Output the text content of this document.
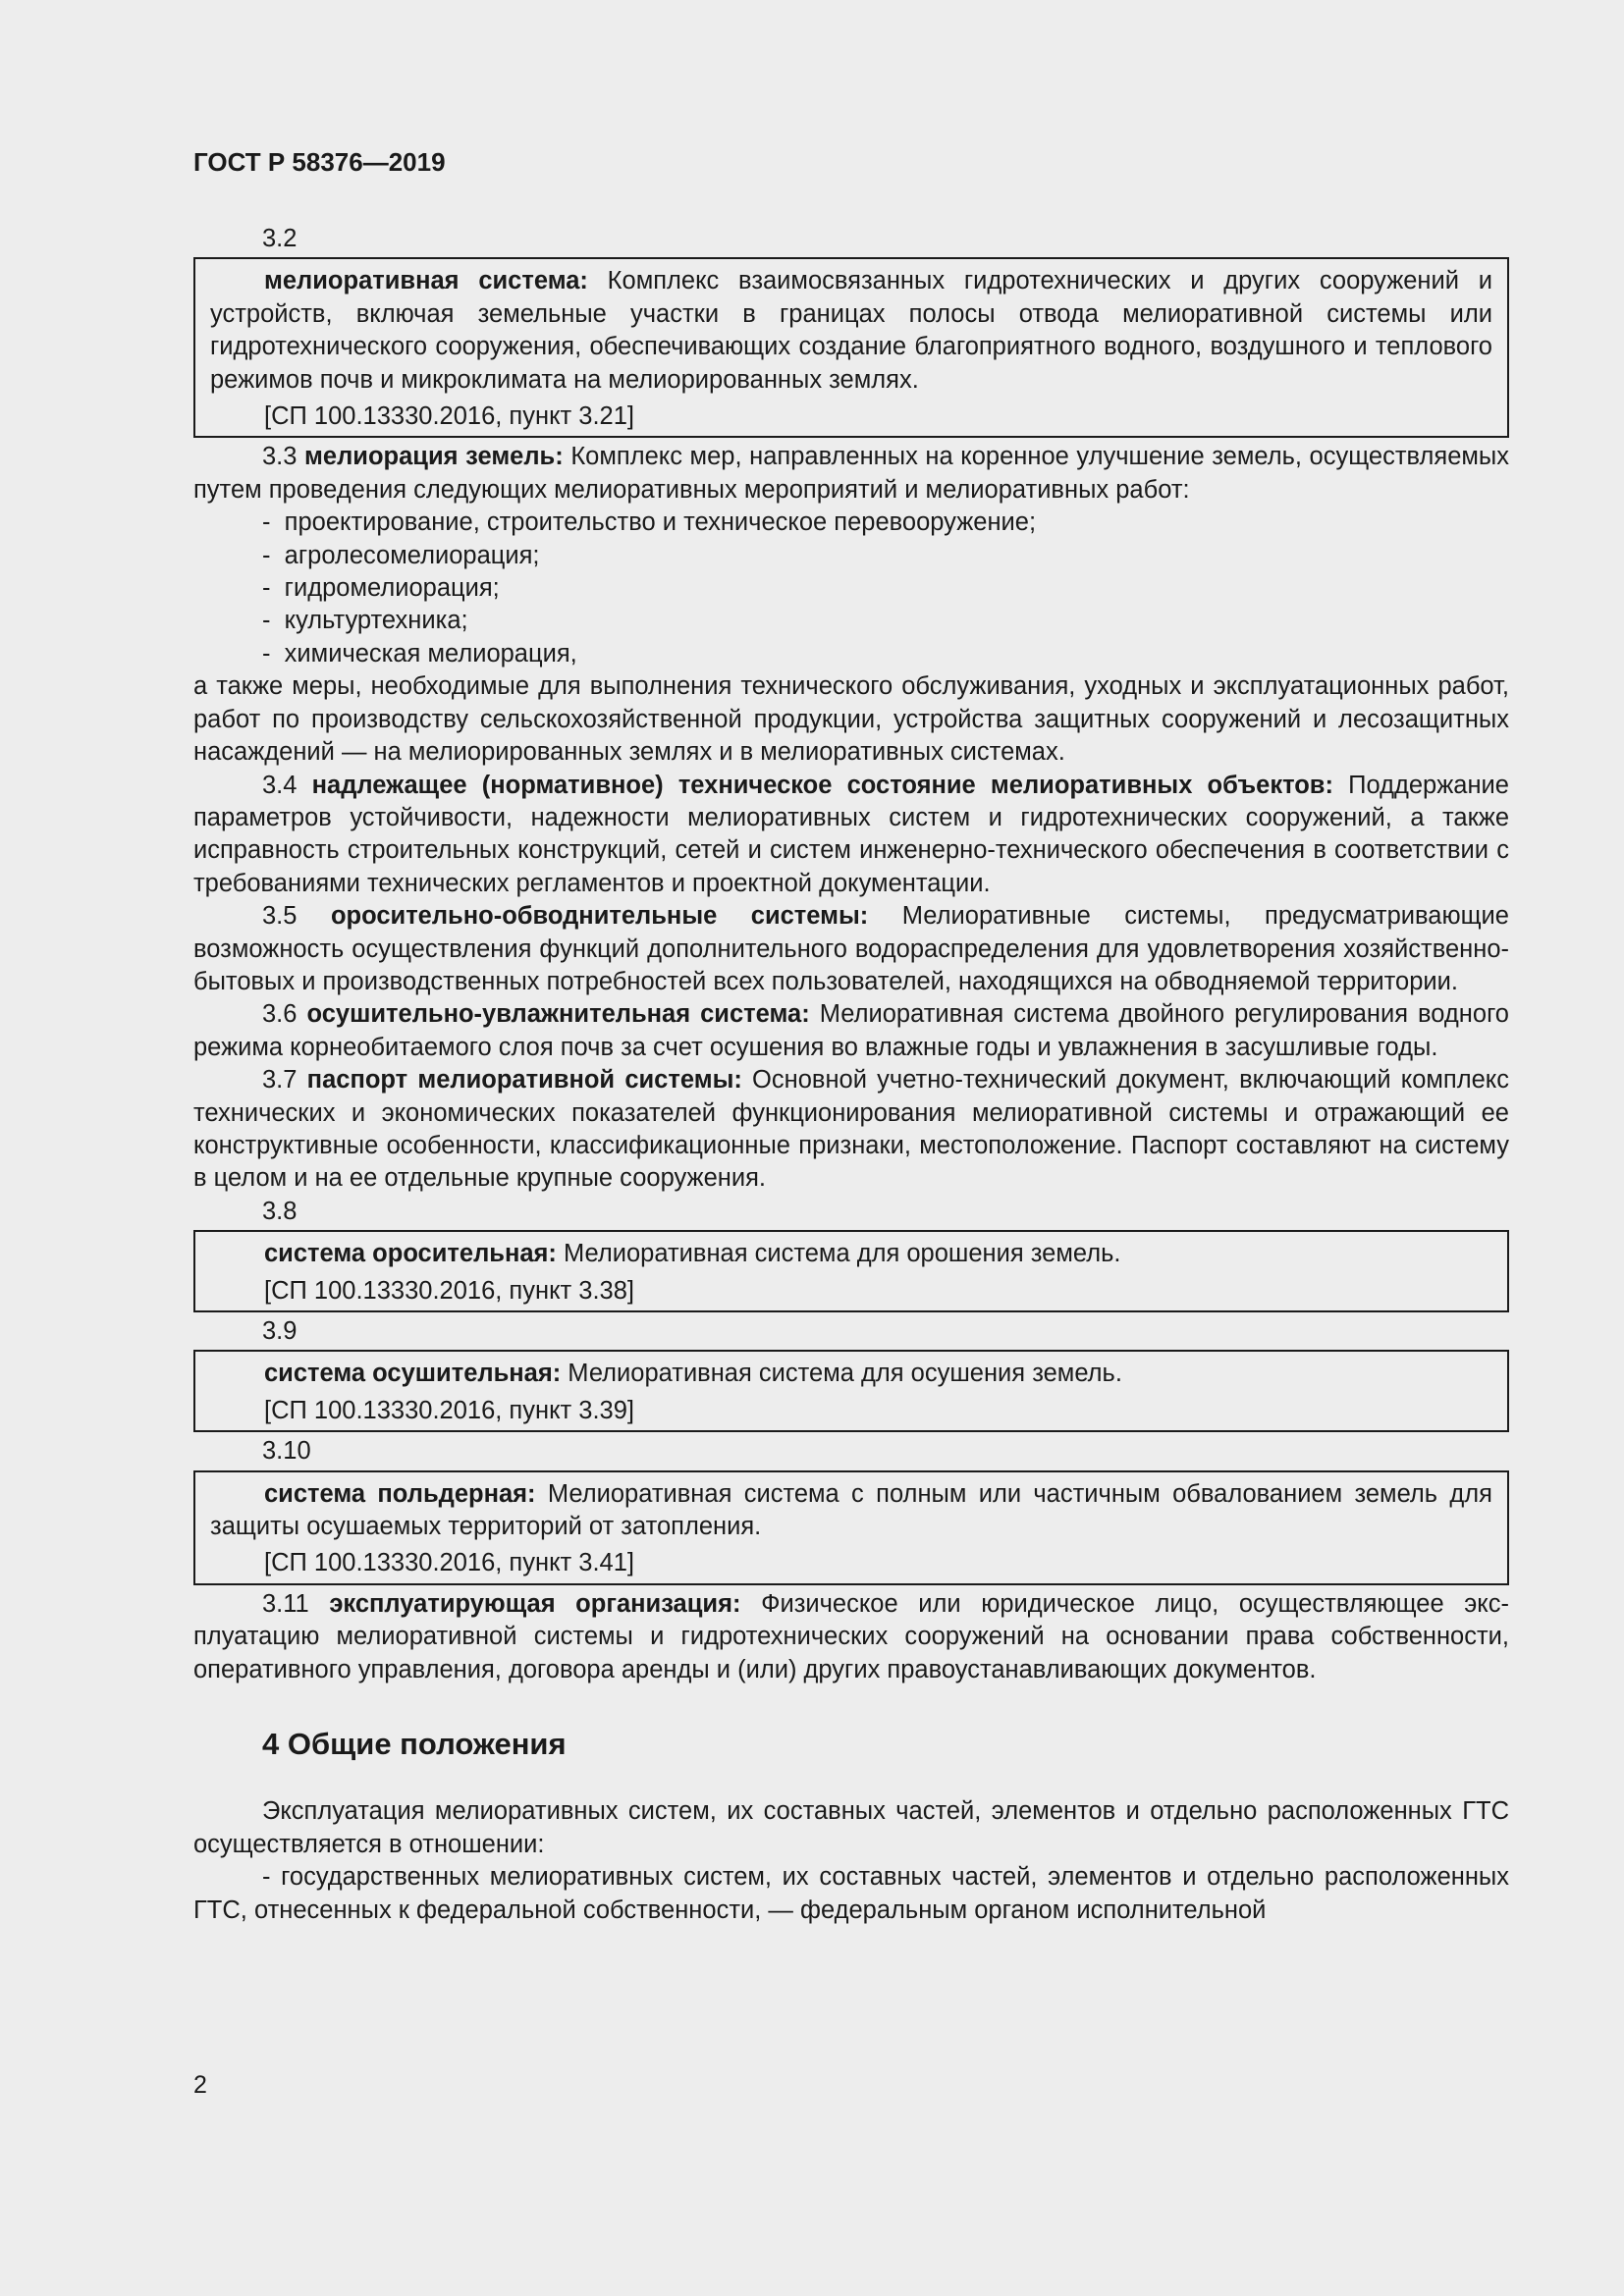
ГОСТ Р 58376—2019

3.2

мелиоративная система: Комплекс взаимосвязанных гидротехнических и других сооружений и устройств, включая земельные участки в границах полосы отвода мелиоративной системы или гидротехнического сооружения, обеспечивающих создание благоприятного водного, воздушного и теплового режимов почв и микроклимата на мелиорированных землях.

[СП 100.13330.2016, пункт 3.21]

3.3 мелиорация земель: Комплекс мер, направленных на коренное улучшение земель, осуществляемых путем проведения следующих мелиоративных мероприятий и мелиоративных работ:

-  проектирование, строительство и техническое перевооружение;
-  агролесомелиорация;
-  гидромелиорация;
-  культуртехника;
-  химическая мелиорация,

а также меры, необходимые для выполнения технического обслуживания, уходных и эксплуатационных работ, работ по производству сельскохозяйственной продукции, устройства защитных сооружений и лесозащитных насаждений — на мелиорированных землях и в мелиоративных системах.

3.4 надлежащее (нормативное) техническое состояние мелиоративных объектов: Поддержание параметров устойчивости, надежности мелиоративных систем и гидротехнических сооружений, а также исправность строительных конструкций, сетей и систем инженерно-технического обеспечения в соответствии с требованиями технических регламентов и проектной документации.

3.5 оросительно-обводнительные системы: Мелиоративные системы, предусматривающие возможность осуществления функций дополнительного водораспределения для удовлетворения хозяйственно-бытовых и производственных потребностей всех пользователей, находящихся на обводняемой территории.

3.6 осушительно-увлажнительная система: Мелиоративная система двойного регулирования водного режима корнеобитаемого слоя почв за счет осушения во влажные годы и увлажнения в засушливые годы.

3.7 паспорт мелиоративной системы: Основной учетно-технический документ, включающий комплекс технических и экономических показателей функционирования мелиоративной системы и отражающий ее конструктивные особенности, классификационные признаки, местоположение. Паспорт составляют на систему в целом и на ее отдельные крупные сооружения.

3.8

система оросительная: Мелиоративная система для орошения земель.

[СП 100.13330.2016, пункт 3.38]

3.9

система осушительная: Мелиоративная система для осушения земель.

[СП 100.13330.2016, пункт 3.39]

3.10

система польдерная: Мелиоративная система с полным или частичным обвалованием земель для защиты осушаемых территорий от затопления.

[СП 100.13330.2016, пункт 3.41]

3.11 эксплуатирующая организация: Физическое или юридическое лицо, осуществляющее эксплуатацию мелиоративной системы и гидротехнических сооружений на основании права собственности, оперативного управления, договора аренды и (или) других правоустанавливающих документов.

4 Общие положения

Эксплуатация мелиоративных систем, их составных частей, элементов и отдельно расположенных ГТС осуществляется в отношении:

- государственных мелиоративных систем, их составных частей, элементов и отдельно расположенных ГТС, отнесенных к федеральной собственности, — федеральным органом исполнительной

2
